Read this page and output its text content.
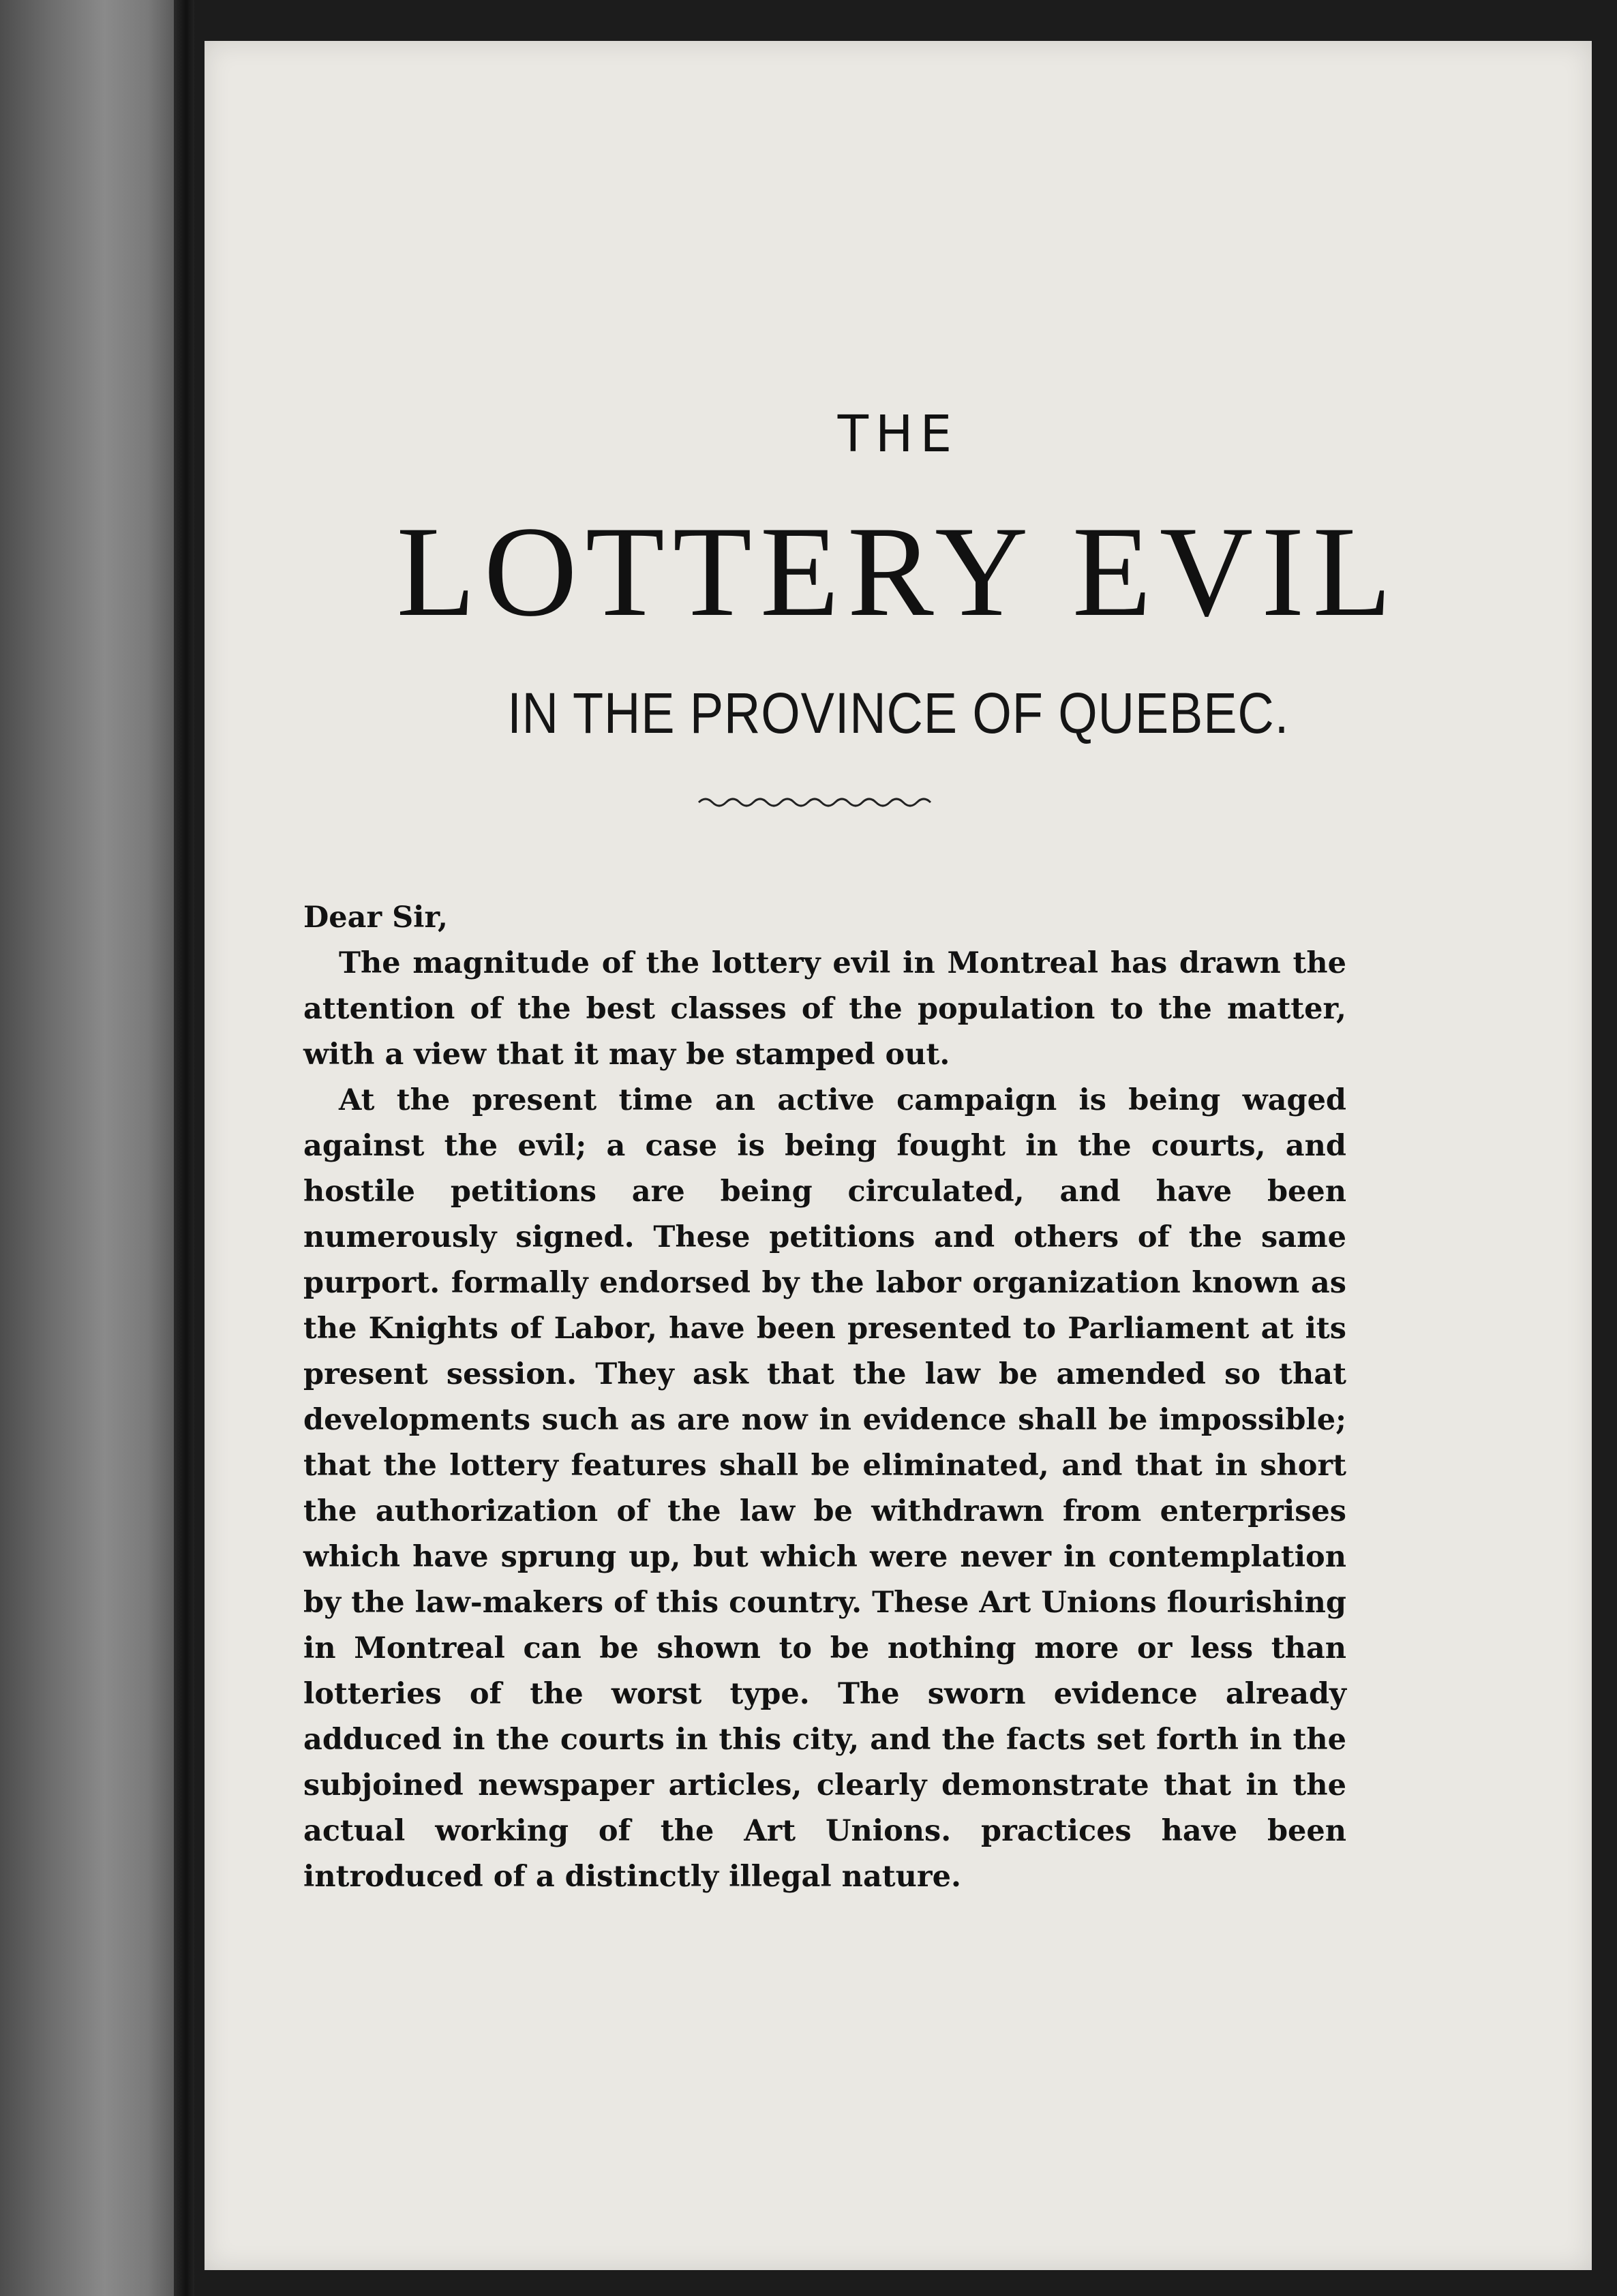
THE
LOTTERY EVIL
IN THE PROVINCE OF QUEBEC.

Dear Sir,

The magnitude of the lottery evil in Montreal has drawn the attention of the best classes of the population to the matter, with a view that it may be stamped out.

At the present time an active campaign is being waged against the evil; a case is being fought in the courts, and hostile petitions are being circulated, and have been numerously signed. These petitions and others of the same purport. formally endorsed by the labor organization known as the Knights of Labor, have been presented to Parliament at its present session. They ask that the law be amended so that developments such as are now in evidence shall be impossible; that the lottery features shall be eliminated, and that in short the authorization of the law be withdrawn from enterprises which have sprung up, but which were never in contemplation by the law-makers of this country. These Art Unions flourishing in Montreal can be shown to be nothing more or less than lotteries of the worst type. The sworn evidence already adduced in the courts in this city, and the facts set forth in the subjoined newspaper articles, clearly demonstrate that in the actual working of the Art Unions. practices have been introduced of a distinctly illegal nature.
